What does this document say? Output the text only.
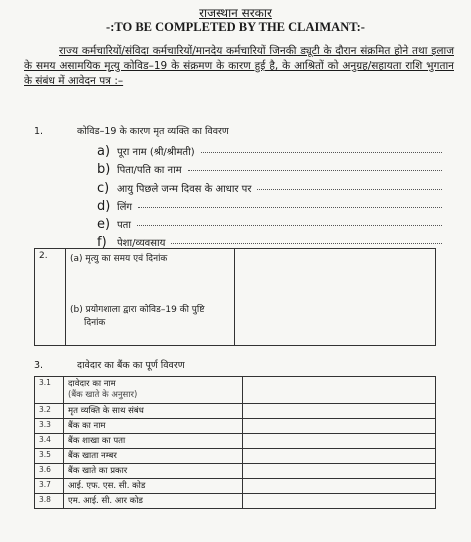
राजस्थान सरकार
-:TO BE COMPLETED BY THE CLAIMANT:-
राज्य कर्मचारियों/संविदा कर्मचारियों/मानदेय कर्मचारियों जिनकी ड्यूटी के दौरान संक्रमित होने तथा इलाज के समय असामयिक मृत्यु कोविड–19 के संक्रमण के कारण हुई है, के आश्रितों को अनुग्रह/सहायता राशि भुगतान के संबंध में आवेदन पत्र :–
1.	कोविड–19 के कारण मृत व्यक्ति का विवरण
a) पूरा नाम (श्री/श्रीमती)
b) पिता/पति का नाम
c) आयु पिछले जन्म दिवस के आधार पर
d) लिंग
e) पता
f)	पेशा/व्यवसाय
2.	(a) मृत्यु का समय एवं दिनांक
(b) प्रयोगशाला द्वारा कोविड–19 की पुष्टि
दिनांक

3.	दावेदार का बैंक का पूर्ण विवरण
3.1	दावेदार का नाम
(बैंक खाते के अनुसार)	

3.2	मृत व्यक्ति के साथ संबंध	
3.3	बैंक का नाम	
3.4	बैंक शाखा का पता	
3.5	बैंक खाता नम्बर	
3.6	बैंक खाते का प्रकार	
3.7	आई. एफ. एस. सी. कोड	
3.8	एम. आई. सी. आर कोड	
